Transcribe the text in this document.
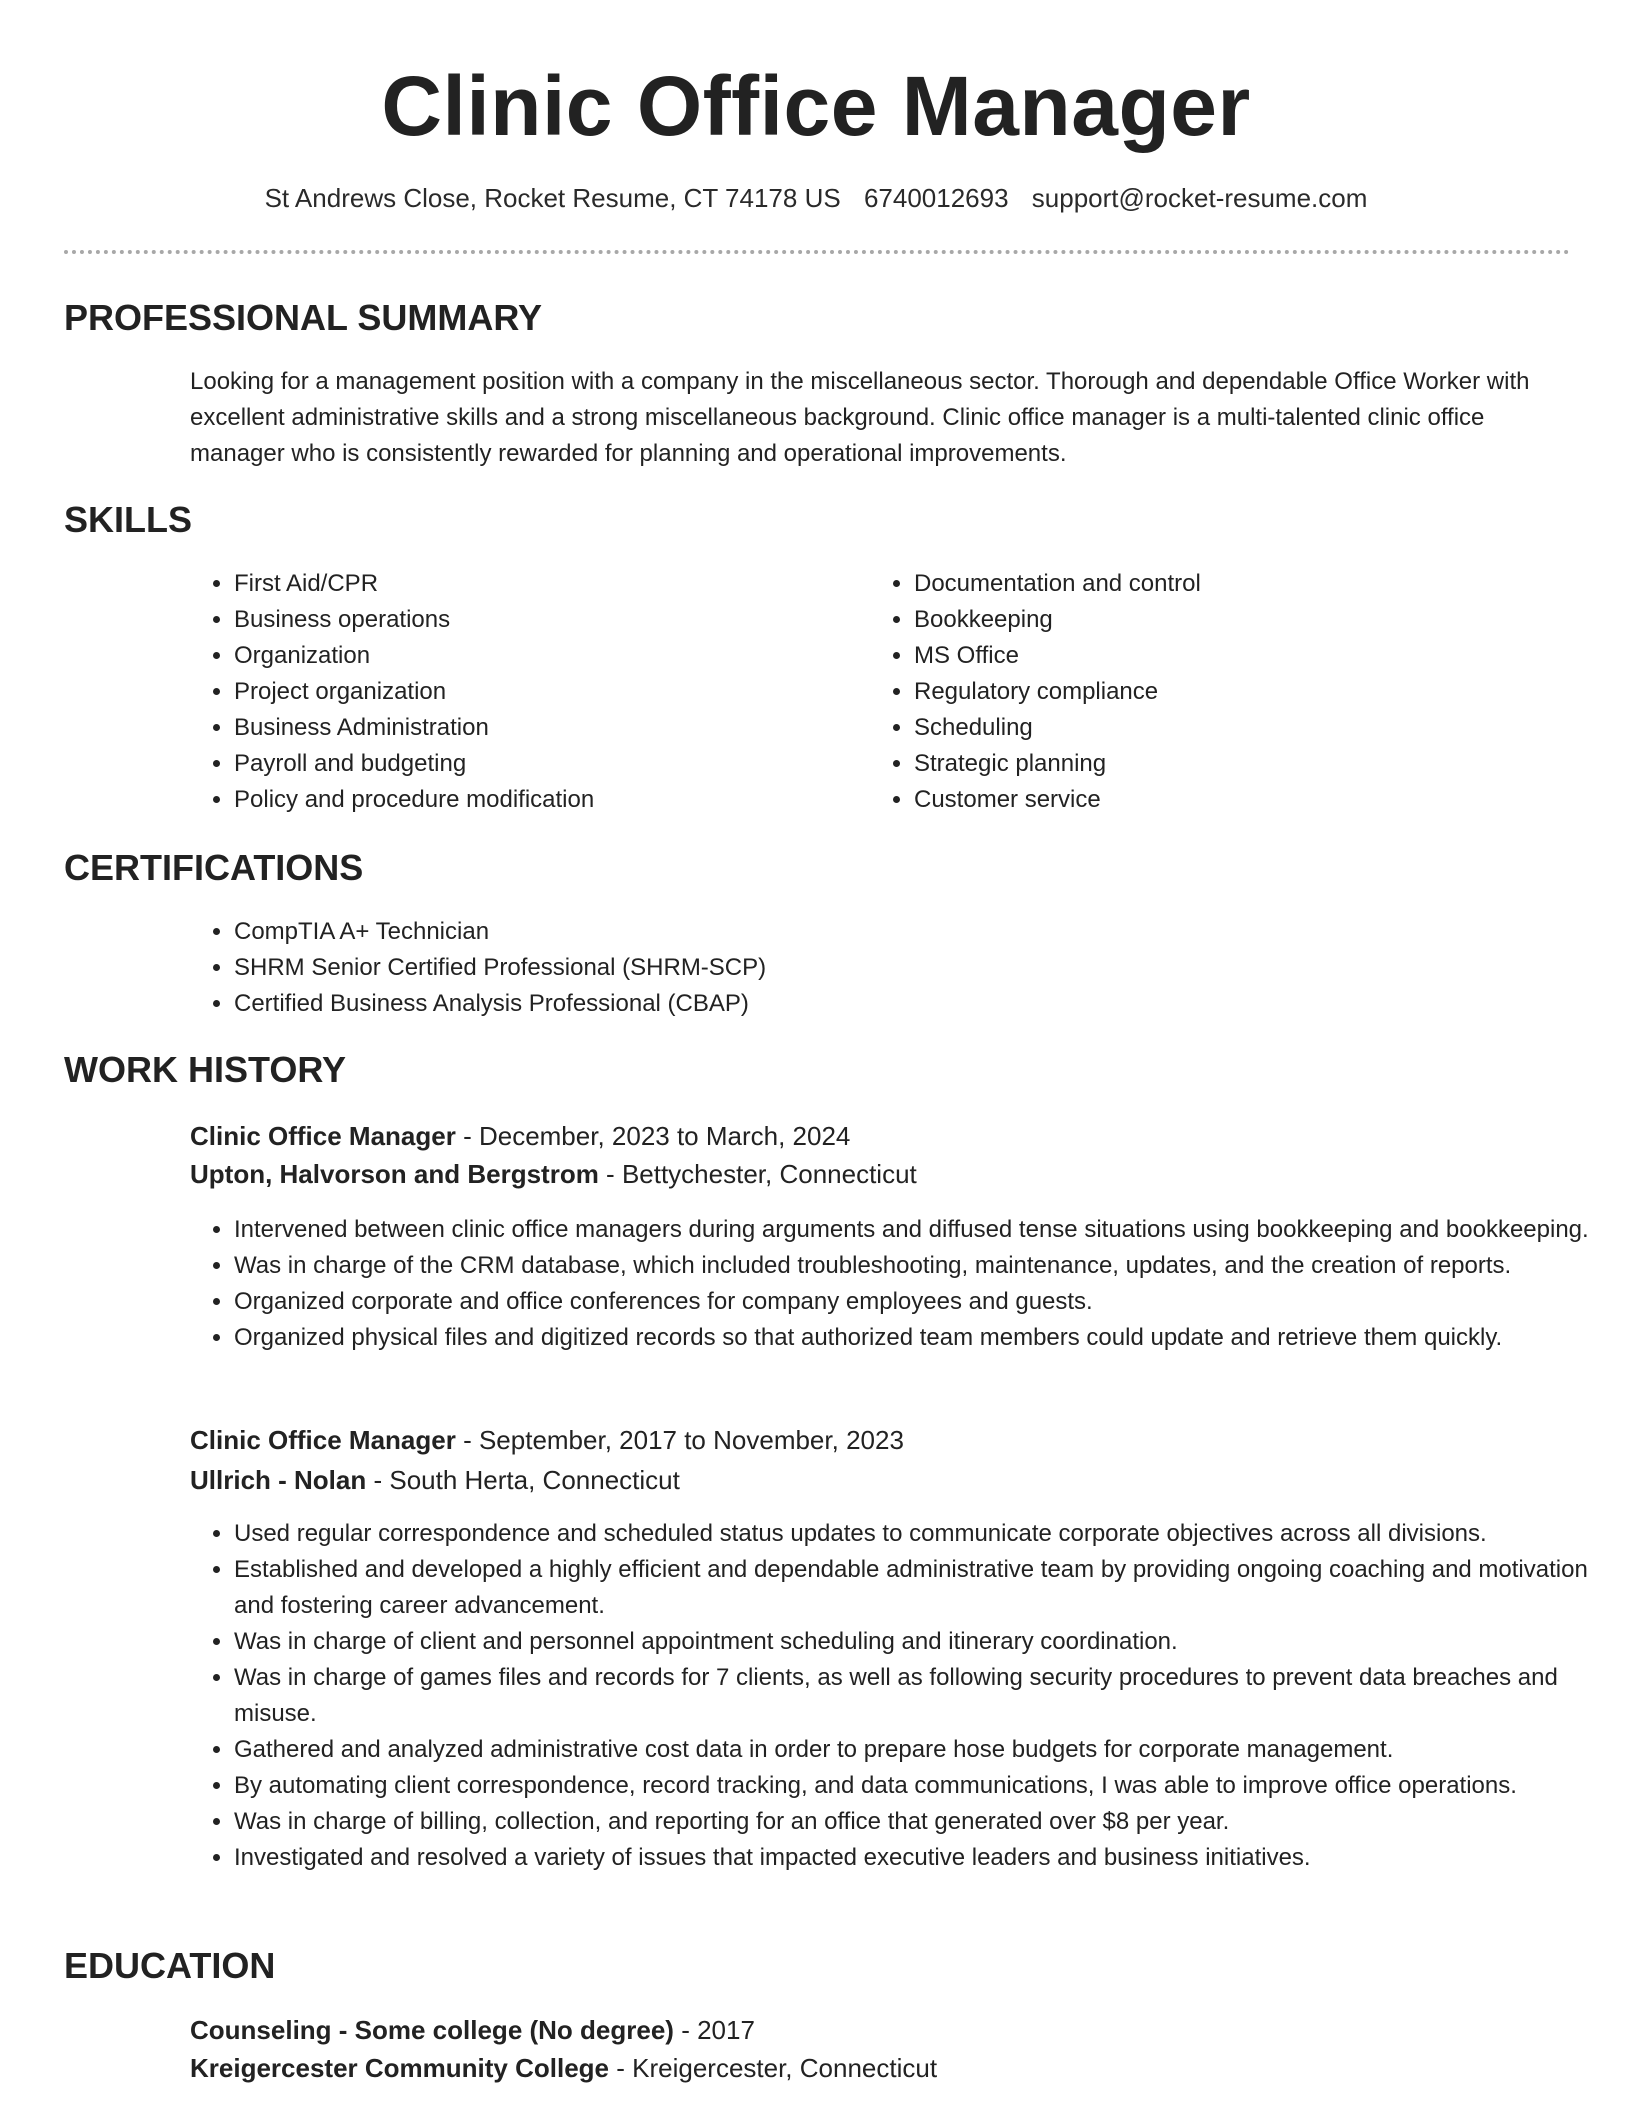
Clinic Office Manager
St Andrews Close, Rocket Resume, CT 74178 US 6740012693 support@rocket-resume.com
PROFESSIONAL SUMMARY

Looking for a management position with a company in the miscellaneous sector. Thorough and dependable Office Worker with excellent administrative skills and a strong miscellaneous background. Clinic office manager is a multi-talented clinic office manager who is consistently rewarded for planning and operational improvements.

SKILLS
• First Aid/CPR
• Business operations
• Organization
• Project organization
• Business Administration
• Payroll and budgeting
• Policy and procedure modification
• Documentation and control
• Bookkeeping
• MS Office
• Regulatory compliance
• Scheduling
• Strategic planning
• Customer service
CERTIFICATIONS
• CompTIA A+ Technician
• SHRM Senior Certified Professional (SHRM-SCP)
• Certified Business Analysis Professional (CBAP)
WORK HISTORY
Clinic Office Manager - December, 2023 to March, 2024
Upton, Halvorson and Bergstrom - Bettychester, Connecticut
• Intervened between clinic office managers during arguments and diffused tense situations using bookkeeping and bookkeeping.
• Was in charge of the CRM database, which included troubleshooting, maintenance, updates, and the creation of reports.
• Organized corporate and office conferences for company employees and guests.
• Organized physical files and digitized records so that authorized team members could update and retrieve them quickly.
Clinic Office Manager - September, 2017 to November, 2023
Ullrich - Nolan - South Herta, Connecticut
• Used regular correspondence and scheduled status updates to communicate corporate objectives across all divisions.
• Established and developed a highly efficient and dependable administrative team by providing ongoing coaching and motivation and fostering career advancement.
• Was in charge of client and personnel appointment scheduling and itinerary coordination.
• Was in charge of games files and records for 7 clients, as well as following security procedures to prevent data breaches and misuse.
• Gathered and analyzed administrative cost data in order to prepare hose budgets for corporate management.
• By automating client correspondence, record tracking, and data communications, I was able to improve office operations.
• Was in charge of billing, collection, and reporting for an office that generated over $8 per year.
• Investigated and resolved a variety of issues that impacted executive leaders and business initiatives.
EDUCATION
Counseling - Some college (No degree) - 2017
Kreigercester Community College - Kreigercester, Connecticut
